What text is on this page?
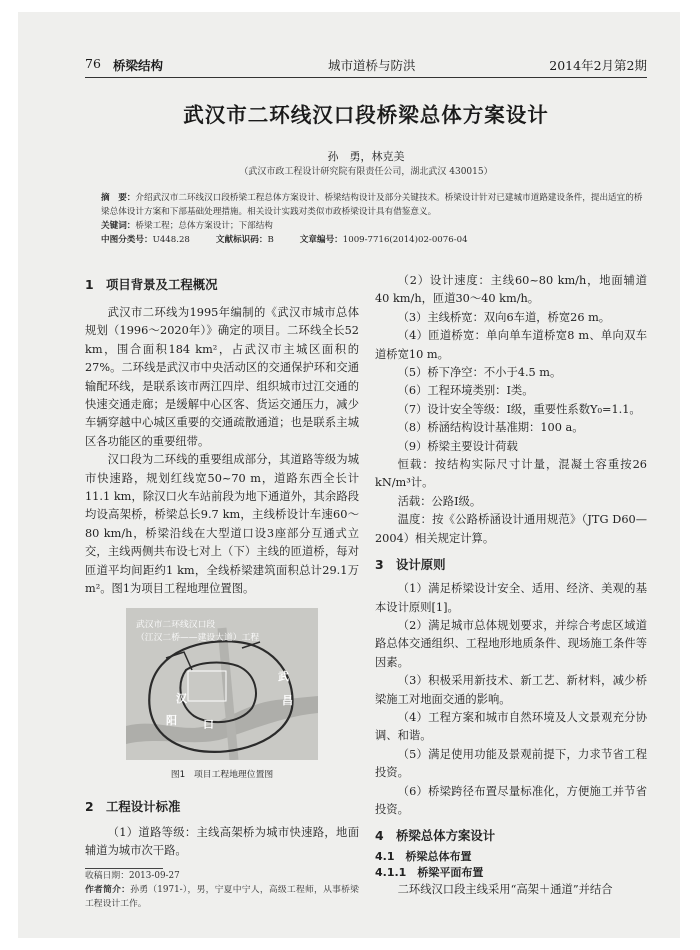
76 桥梁结构	城市道桥与防洪	2014年2月第2期
武汉市二环线汉口段桥梁总体方案设计
孙　勇，林克美
（武汉市政工程设计研究院有限责任公司，湖北武汉 430015）

摘　要：介绍武汉市二环线汉口段桥梁工程总体方案设计、桥梁结构设计及部分关键技术。桥梁设计针对已建城市道路建设条件，提出适宜的桥梁总体设计方案和下部基础处理措施。相关设计实践对类似市政桥梁设计具有借鉴意义。

关键词：桥梁工程；总体方案设计；下部结构

中图分类号：U448.28	文献标识码：B	文章编号：1009-7716(2014)02-0076-04

1　项目背景及工程概况

武汉市二环线为1995年编制的《武汉市城市总体规划（1996～2020年）》确定的项目。二环线全长52 km，围合面积184 km²，占武汉市主城区面积的27%。二环线是武汉市中央活动区的交通保护环和交通输配环线，是联系该市两江四岸、组织城市过江交通的快速交通走廊；是缓解中心区客、货运交通压力，减少车辆穿越中心城区重要的交通疏散通道；也是联系主城区各功能区的重要纽带。

汉口段为二环线的重要组成部分，其道路等级为城市快速路，规划红线宽50~70 m，道路东西全长计11.1 km，除汉口火车站前段为地下通道外，其余路段均设高架桥，桥梁总长9.7 km，主线桥设计车速60～80 km/h，桥梁沿线在大型道口设3座部分互通式立交，主线两侧共布设七对上（下）主线的匝道桥，每对匝道平均间距约1 km，全线桥梁建筑面积总计29.1万m²。图1为项目工程地理位置图。

武汉市二环线汉口段
（江汉二桥——建设大道）工程
汉
口
武
昌
阳
图1　项目工程地理位置图

2　工程设计标准

（1）道路等级：主线高架桥为城市快速路，地面辅道为城市次干路。

收稿日期：2013-09-27

作者简介：孙勇（1971-），男，宁夏中宁人，高级工程师，从事桥梁工程设计工作。

（2）设计速度：主线60~80 km/h，地面辅道40 km/h，匝道30～40 km/h。

（3）主线桥宽：双向6车道，桥宽26 m。

（4）匝道桥宽：单向单车道桥宽8 m、单向双车道桥宽10 m。

（5）桥下净空：不小于4.5 m。

（6）工程环境类别：Ⅰ类。

（7）设计安全等级：Ⅰ级，重要性系数Y₀=1.1。

（8）桥涵结构设计基准期：100 a。

（9）桥梁主要设计荷载

恒载：按结构实际尺寸计量，混凝土容重按26 kN/m³计。

活载：公路Ⅰ级。

温度：按《公路桥涵设计通用规范》（JTG D60—2004）相关规定计算。

3　设计原则

（1）满足桥梁设计安全、适用、经济、美观的基本设计原则[1]。

（2）满足城市总体规划要求，并综合考虑区域道路总体交通组织、工程地形地质条件、现场施工条件等因素。

（3）积极采用新技术、新工艺、新材料，减少桥梁施工对地面交通的影响。

（4）工程方案和城市自然环境及人文景观充分协调、和谐。

（5）满足使用功能及景观前提下，力求节省工程投资。

（6）桥梁跨径布置尽量标准化，方便施工并节省投资。

4　桥梁总体方案设计

4.1　桥梁总体布置

4.1.1　桥梁平面布置

二环线汉口段主线采用“高架＋通道”并结合
